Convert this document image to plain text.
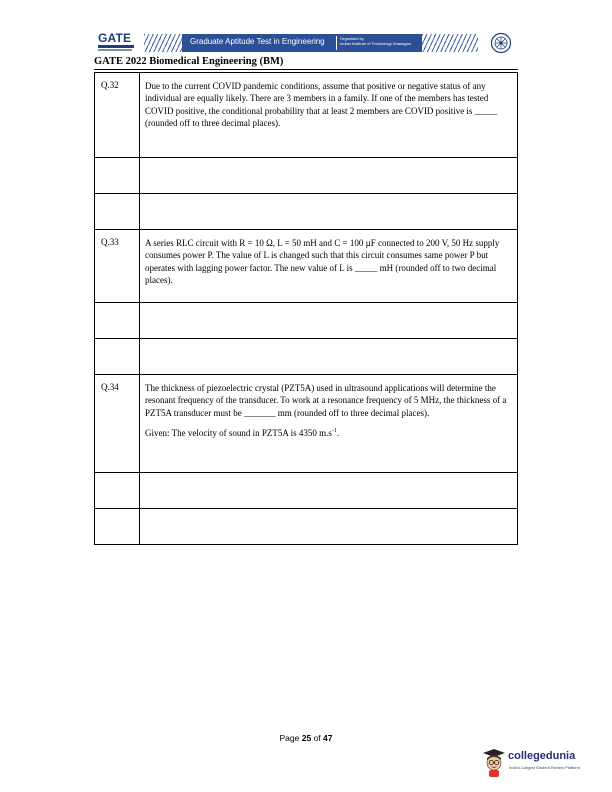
GATE	Graduate Aptitude Test in Engineering	Organised by
Indian Institute of Technology Kharagpur
GATE 2022 Biomedical Engineering (BM)
Q.32	Due to the current COVID pandemic conditions, assume that positive or negative status of any individual are equally likely. There are 3 members in a family. If one of the members has tested COVID positive, the conditional probability that at least 2 members are COVID positive is _____ (rounded off to three decimal places).

Q.33	A series RLC circuit with R = 10 Ω, L = 50 mH and C = 100 µF connected to 200 V, 50 Hz supply consumes power P. The value of L is changed such that this circuit consumes same power P but operates with lagging power factor. The new value of L is _____ mH (rounded off to two decimal places).

Q.34	The thickness of piezoelectric crystal (PZT5A) used in ultrasound applications will determine the resonant frequency of the transducer. To work at a resonance frequency of 5 MHz, the thickness of a PZT5A transducer must be _______ mm (rounded off to three decimal places).

Given: The velocity of sound in PZT5A is 4350 $m.s^{-1}$.

Page 25 of 47
collegedunia
India's Largest Student Review Platform
